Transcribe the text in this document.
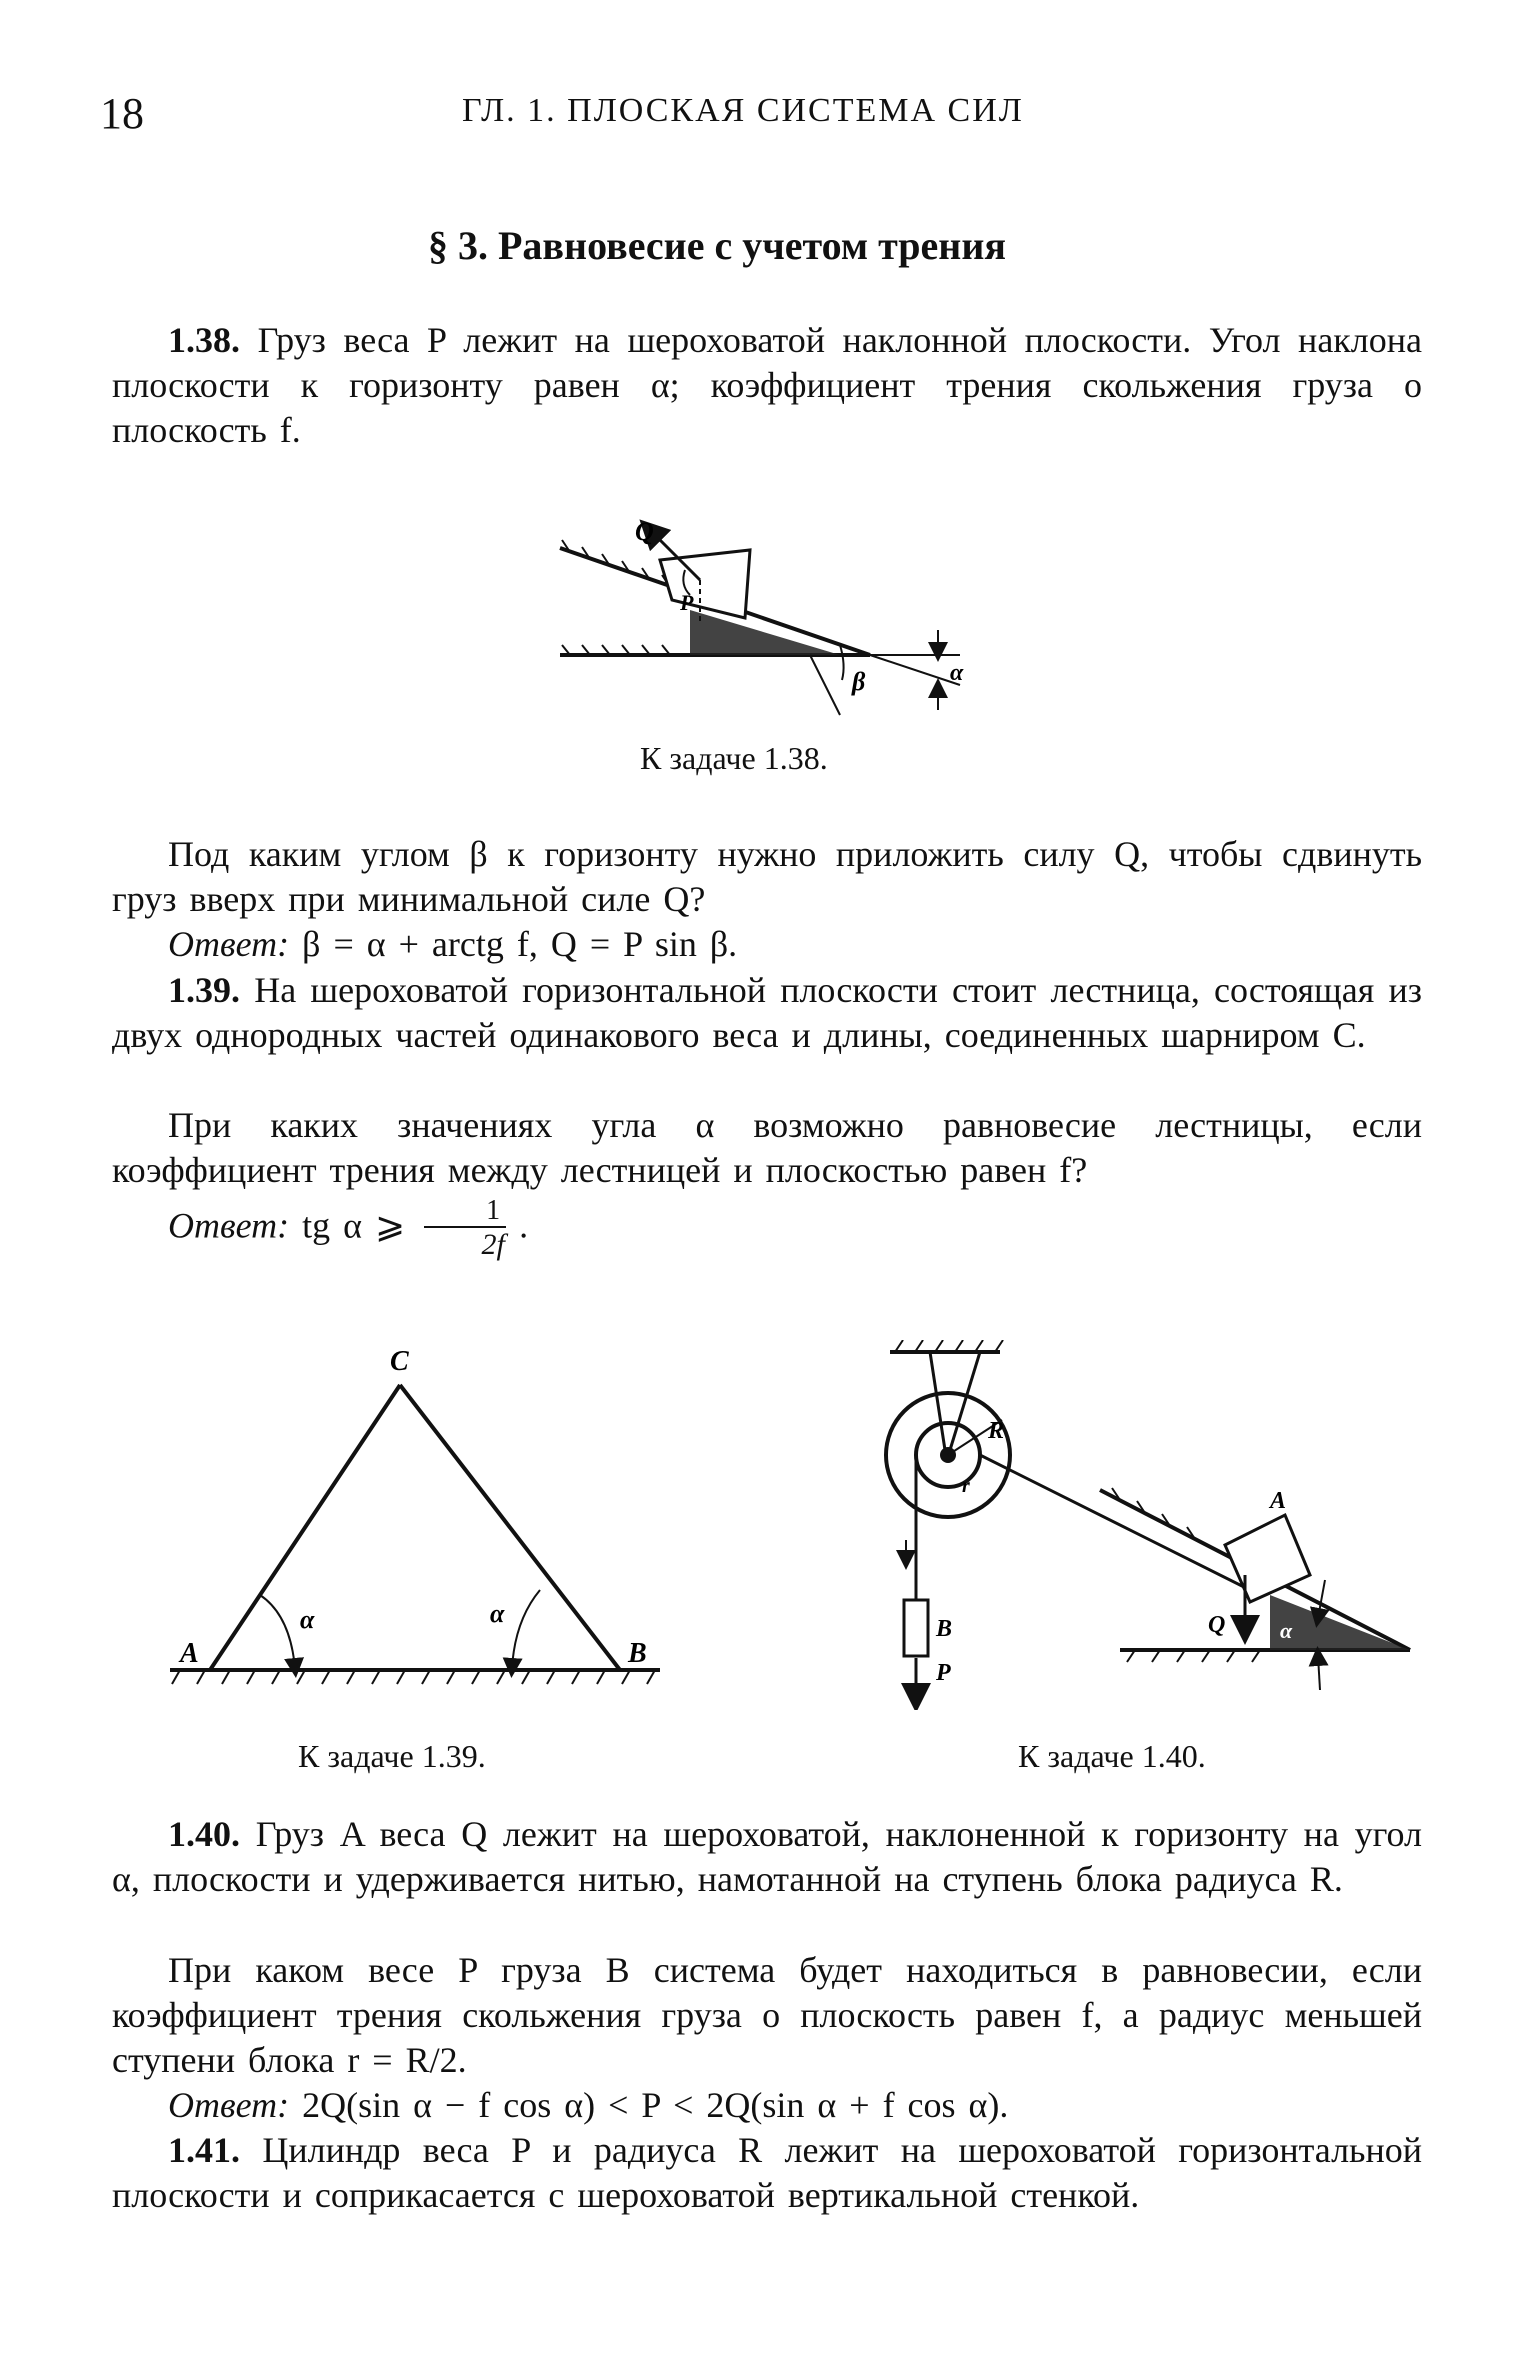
18	ГЛ. 1. ПЛОСКАЯ СИСТЕМА СИЛ
§ 3. Равновесие с учетом трения
1.38. Груз веса P лежит на шероховатой наклонной плоскости. Угол наклона плоскости к горизонту равен α; коэффициент трения скольжения груза о плоскость f.
Q
P
β	α
К задаче 1.38.
Под каким углом β к горизонту нужно приложить силу Q, чтобы сдвинуть груз вверх при минимальной силе Q?
Ответ: β = α + arctg f, Q = P sin β.
1.39. На шероховатой горизонтальной плоскости стоит лестница, состоящая из двух однородных частей одинакового веса и длины, соединенных шарниром C.
При каких значениях угла α возможно равновесие лестницы, если коэффициент трения между лестницей и плоскостью равен f?
Ответ: tg α ⩾ $\frac{1}{2f}$ .
C
A	B
α	α
R
r
B
P
A
Q α
К задаче 1.39.	К задаче 1.40.
1.40. Груз A веса Q лежит на шероховатой, наклоненной к горизонту на угол α, плоскости и удерживается нитью, намотанной на ступень блока радиуса R.
При каком весе P груза B система будет находиться в равновесии, если коэффициент трения скольжения груза о плоскость равен f, а радиус меньшей ступени блока r = R/2.
Ответ: 2Q(sin α − f cos α) < P < 2Q(sin α + f cos α).
1.41. Цилиндр веса P и радиуса R лежит на шероховатой горизонтальной плоскости и соприкасается с шероховатой вертикальной стенкой.
